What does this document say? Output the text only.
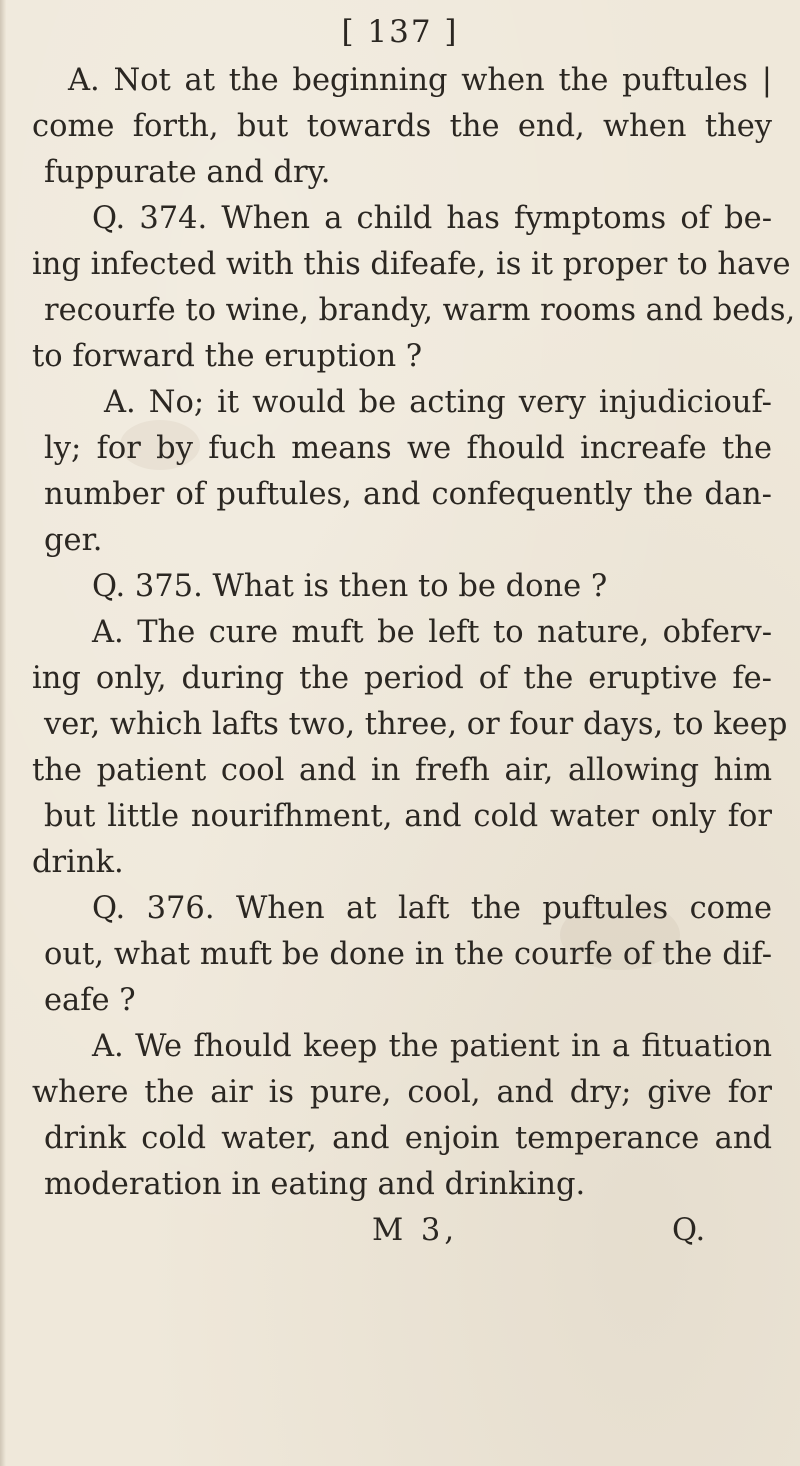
[ 137 ]
A. Not at the beginning when the puftules |
come forth, but towards the end, when they
fuppurate and dry.
Q. 374. When a child has fymptoms of be-
ing infected with this difeafe, is it proper to have
recourfe to wine, brandy, warm rooms and beds,
to forward the eruption ?
A. No; it would be acting very injudiciouf-
ly; for by fuch means we fhould increafe the
number of puftules, and confequently the dan-
ger.
Q. 375. What is then to be done ?
A. The cure muft be left to nature, obferv-
ing only, during the period of the eruptive fe-
ver, which lafts two, three, or four days, to keep
the patient cool and in frefh air, allowing him
but little nourifhment, and cold water only for
drink.
Q. 376. When at laft the puftules come
out, what muft be done in the courfe of the dif-
eafe ?
A. We fhould keep the patient in a fituation
where the air is pure, cool, and dry; give for
drink cold water, and enjoin temperance and
moderation in eating and drinking.
M 3,	Q.
